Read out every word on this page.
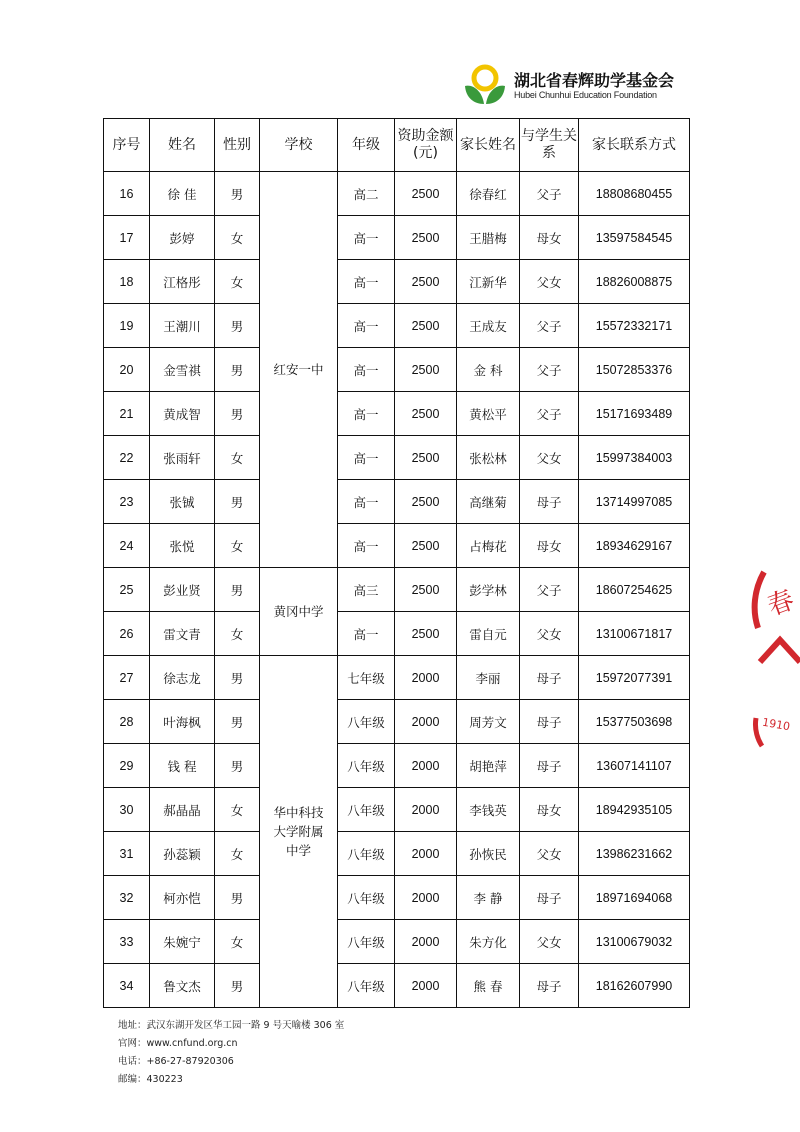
湖北省春辉助学基金会
Hubei Chunhui Education Foundation
序号	姓名	性别	学校	年级	资助金额(元)	家长姓名	与学生关系	家长联系方式
16	徐 佳	男	红安一中	高二	2500	徐春红	父子	18808680455
17	彭婷	女		高一	2500	王腊梅	母女	13597584545
18	江格彤	女		高一	2500	江新华	父女	18826008875
19	王潮川	男		高一	2500	王成友	父子	15572332171
20	金雪祺	男		高一	2500	金 科	父子	15072853376
21	黄成智	男		高一	2500	黄松平	父子	15171693489
22	张雨轩	女		高一	2500	张松林	父女	15997384003
23	张铖	男		高一	2500	高继菊	母子	13714997085
24	张悦	女		高一	2500	占梅花	母女	18934629167
25	彭业贤	男	黄冈中学	高三	2500	彭学林	父子	18607254625
26	雷文青	女		高一	2500	雷自元	父女	13100671817
27	徐志龙	男	华中科技大学附属中学	七年级	2000	李丽	母子	15972077391
28	叶海枫	男		八年级	2000	周芳文	母子	15377503698
29	钱 程	男		八年级	2000	胡艳萍	母子	13607141107
30	郝晶晶	女		八年级	2000	李钱英	母女	18942935105
31	孙蕊颖	女		八年级	2000	孙恢民	父女	13986231662
32	柯亦恺	男		八年级	2000	李 静	母子	18971694068
33	朱婉宁	女		八年级	2000	朱方化	父女	13100679032
34	鲁文杰	男		八年级	2000	熊 春	母子	18162607990
地址：武汉东湖开发区华工园一路 9 号天喻楼 306 室
官网：www.cnfund.org.cn
电话：+86-27-87920306
邮编：430223
春
1910
